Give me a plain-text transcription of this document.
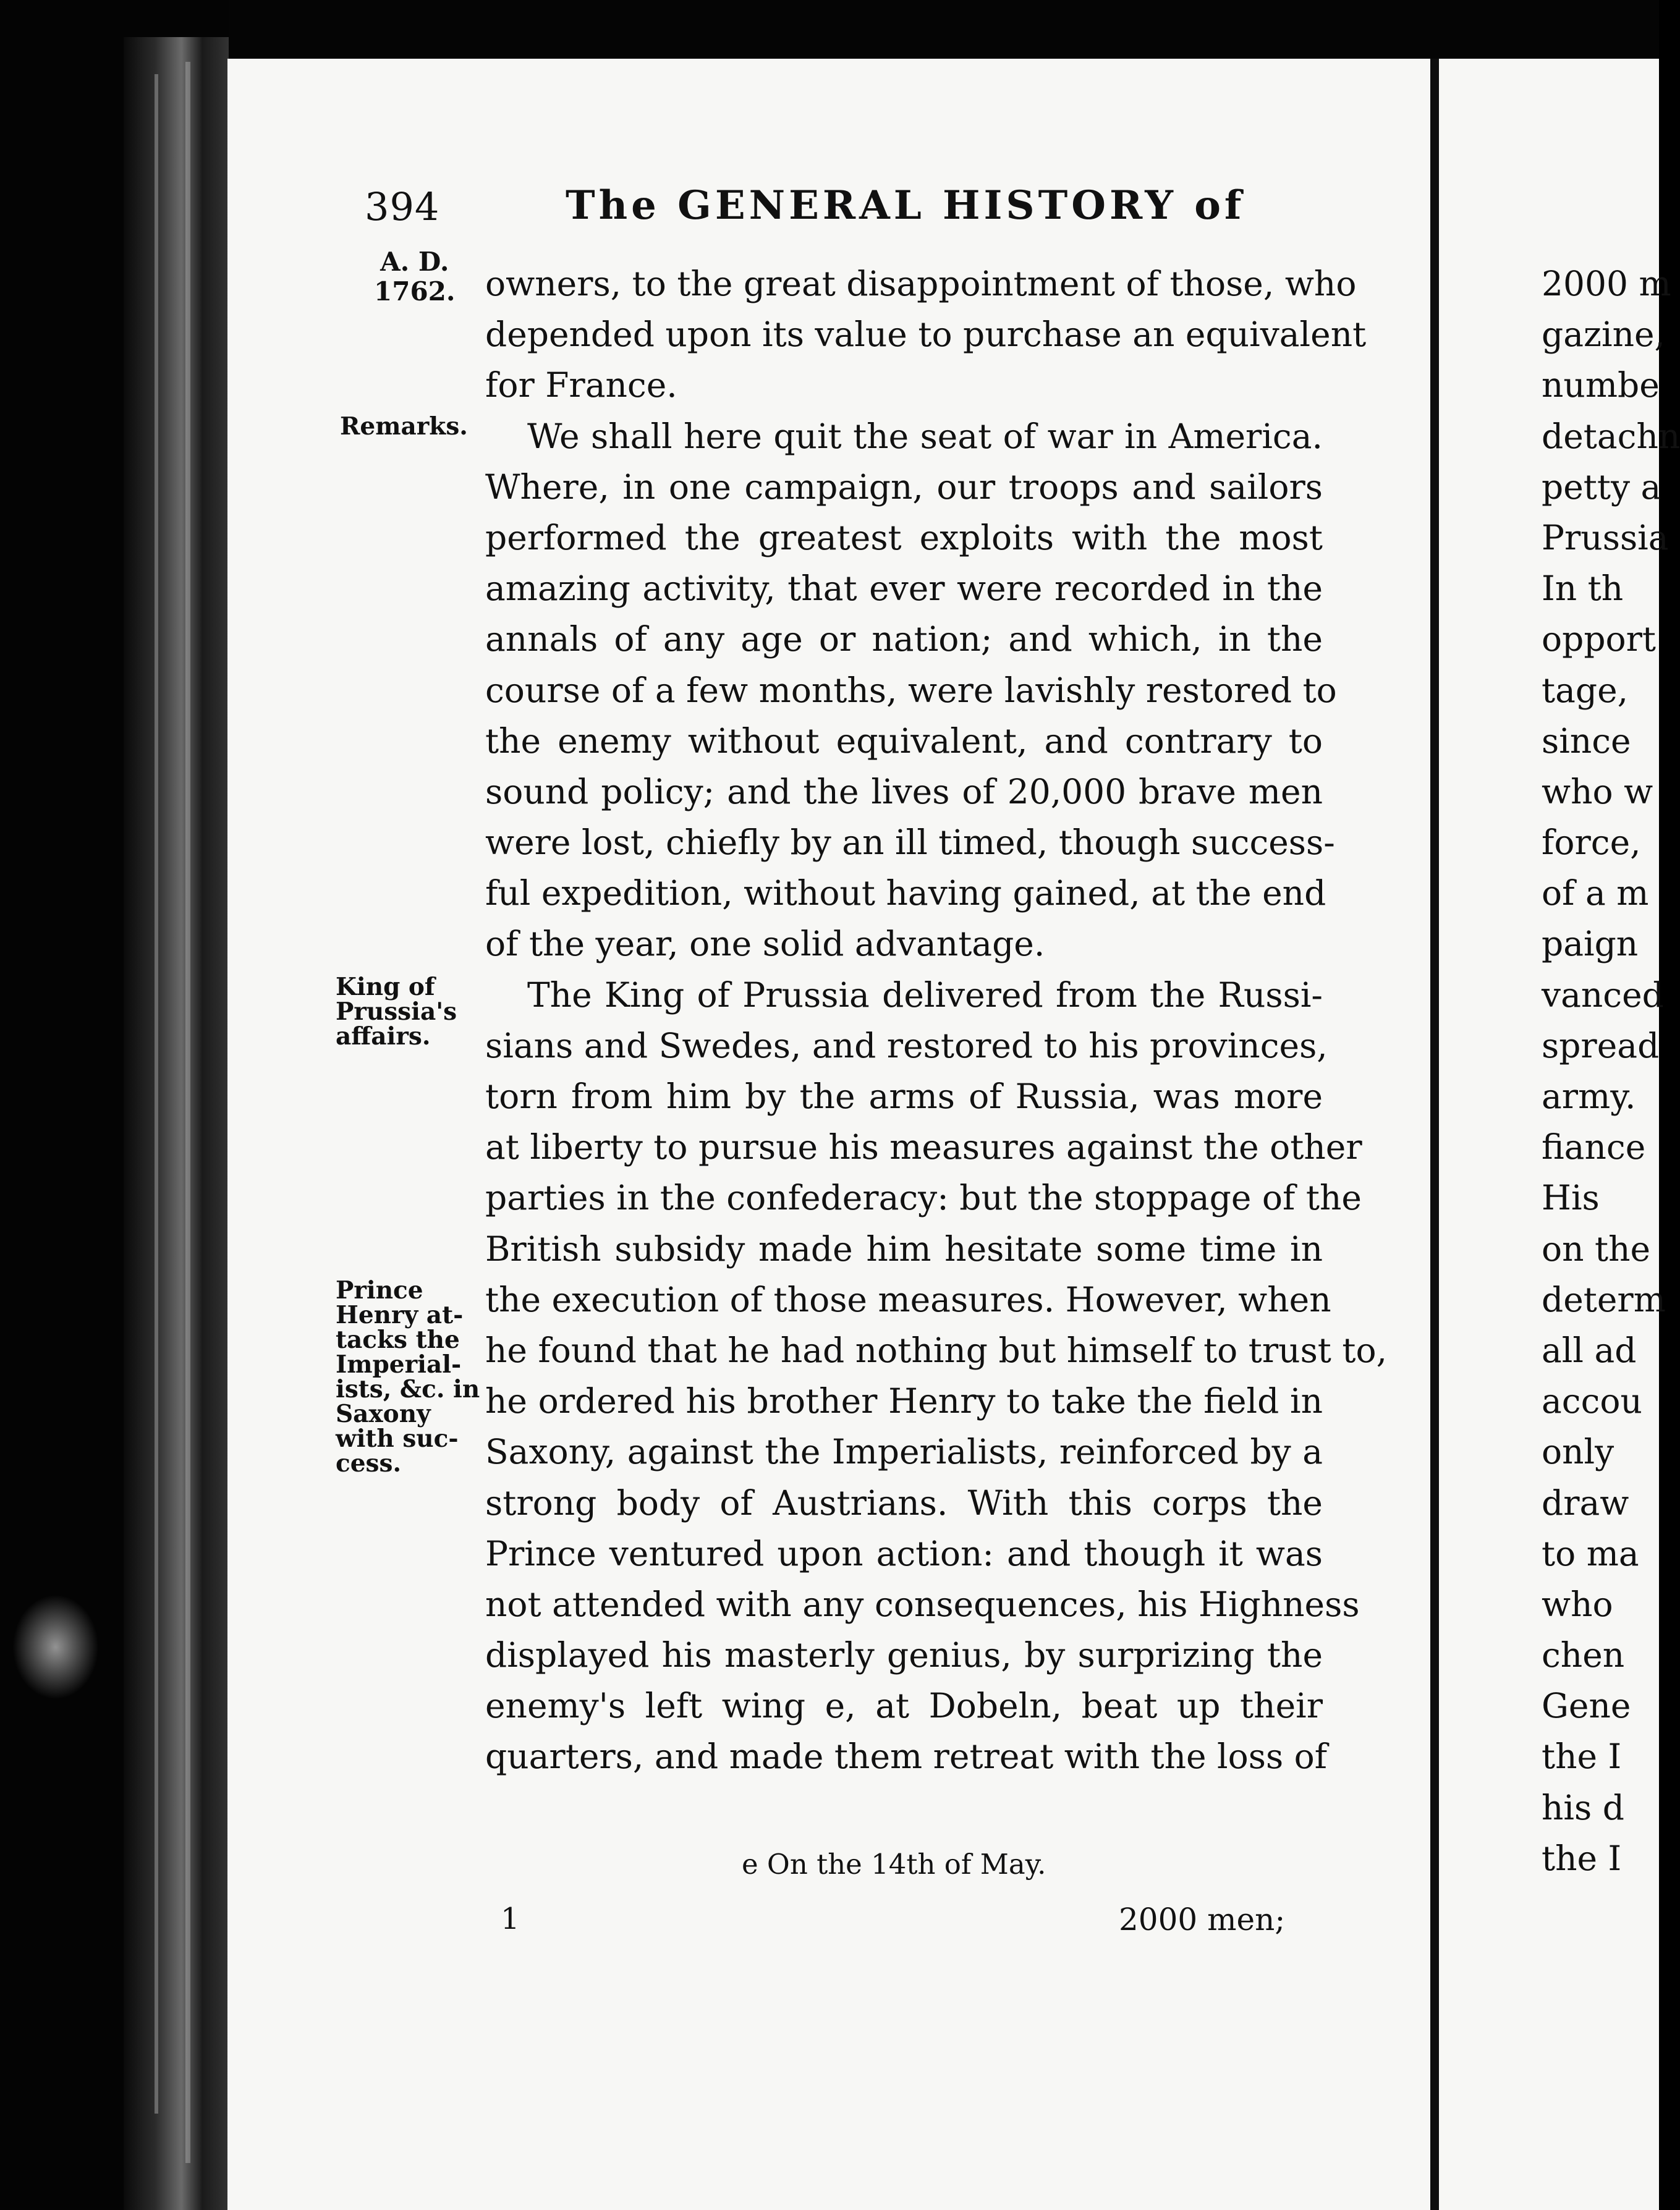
394	The GENERAL HISTORY of
A. D.
1762.
Remarks.
King of
Prussia's
affairs.
Prince
Henry at-
tacks the
Imperial-
ists, &c. in
Saxony
with suc-
cess.
owners, to the great disappointment of those, who
depended upon its value to purchase an equivalent
for France.
We shall here quit the seat of war in America.
Where, in one campaign, our troops and sailors
performed the greatest exploits with the most
amazing activity, that ever were recorded in the
annals of any age or nation; and which, in the
course of a few months, were lavishly restored to
the enemy without equivalent, and contrary to
sound policy; and the lives of 20,000 brave men
were lost, chiefly by an ill timed, though success-
ful expedition, without having gained, at the end
of the year, one solid advantage.
The King of Prussia delivered from the Russi-
sians and Swedes, and restored to his provinces,
torn from him by the arms of Russia, was more
at liberty to pursue his measures against the other
parties in the confederacy: but the stoppage of the
British subsidy made him hesitate some time in
the execution of those measures. However, when
he found that he had nothing but himself to trust to,
he ordered his brother Henry to take the field in
Saxony, against the Imperialists, reinforced by a
strong body of Austrians. With this corps the
Prince ventured upon action: and though it was
not attended with any consequences, his Highness
displayed his masterly genius, by surprizing the
enemy's left wing e, at Dobeln, beat up their
quarters, and made them retreat with the loss of
e On the 14th of May.
1	2000 men;
2000 m
gazine,
numbe
detachn
petty a
Prussia
In th
opport
tage,
since
who w
force,
of a m
paign
vanced
spread
army.
fiance
His
on the
determ
all ad
accou
only
draw
to ma
who
chen
Gene
the I
his d
the I
